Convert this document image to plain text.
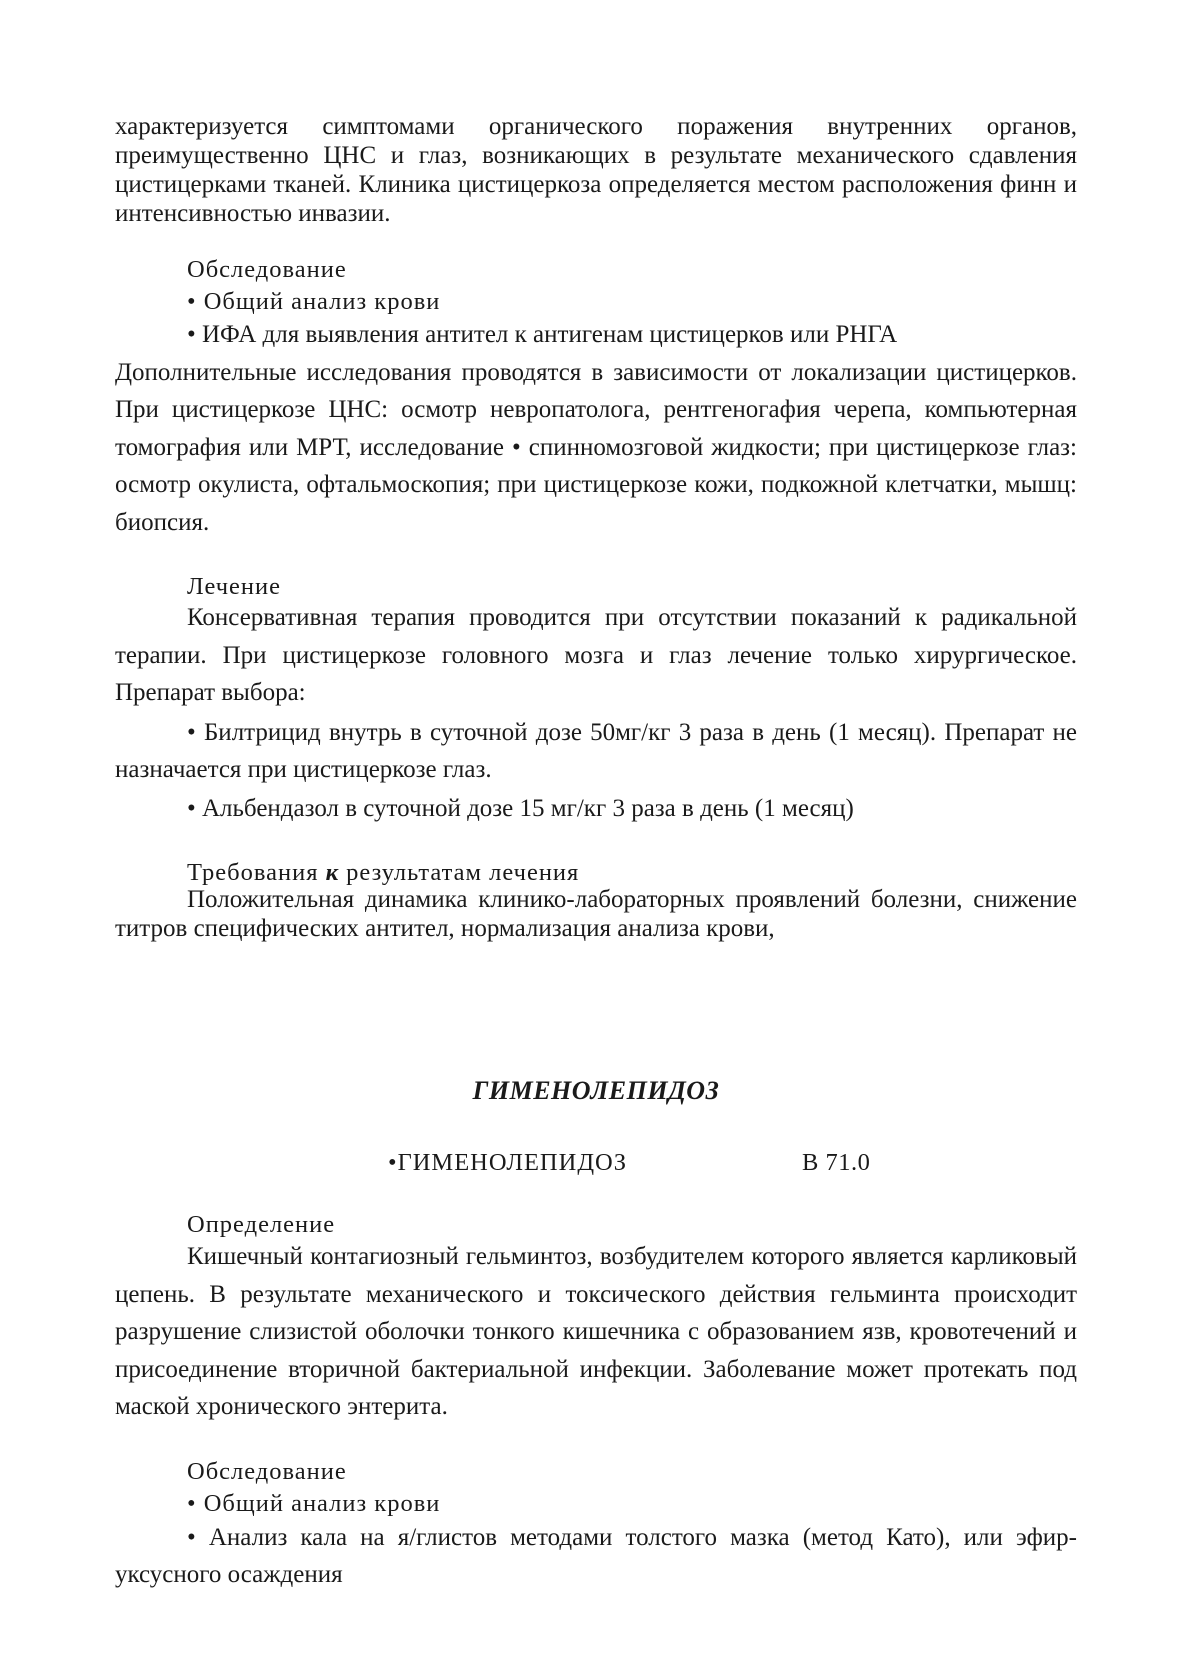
характеризуется симптомами органического поражения внутренних органов, преимущественно ЦНС и глаз, возникающих в результате механического сдавления цистицерками тканей. Клиника цистицеркоза определяется местом расположения финн и интенсивностью инвазии.

Обследование

• Общий анализ крови

• ИФА для выявления антител к антигенам цистицерков или РНГА

Дополнительные исследования проводятся в зависимости от локализации цистицерков. При цистицеркозе ЦНС: осмотр невропатолога, рентгеногафия черепа, компьютерная томография или МРТ, исследование • спинномозговой жидкости; при цистицеркозе глаз: осмотр окулиста, офтальмоскопия; при цистицеркозе кожи, подкожной клетчатки, мышц: биопсия.

Лечение

Консервативная терапия проводится при отсутствии показаний к радикальной терапии. При цистицеркозе головного мозга и глаз лечение только хирургическое. Препарат выбора:

• Билтрицид внутрь в суточной дозе 50мг/кг 3 раза в день (1 месяц). Препарат не назначается при цистицеркозе глаз.

• Альбендазол в суточной дозе 15 мг/кг 3 раза в день (1 месяц)

Требования к результатам лечения

Положительная динамика клинико-лабораторных проявлений болезни, снижение титров специфических антител, нормализация анализа крови,

ГИМЕНОЛЕПИДОЗ

•ГИМЕНОЛЕПИДОЗ	В 71.0

Определение

Кишечный контагиозный гельминтоз, возбудителем которого является карликовый цепень. В результате механического и токсического действия гельминта происходит разрушение слизистой оболочки тонкого кишечника с образованием язв, кровотечений и присоединение вторичной бактериальной инфекции. Заболевание может протекать под маской хронического энтерита.

Обследование

• Общий анализ крови

• Анализ кала на я/глистов методами толстого мазка (метод Като), или эфир-уксусного осаждения
